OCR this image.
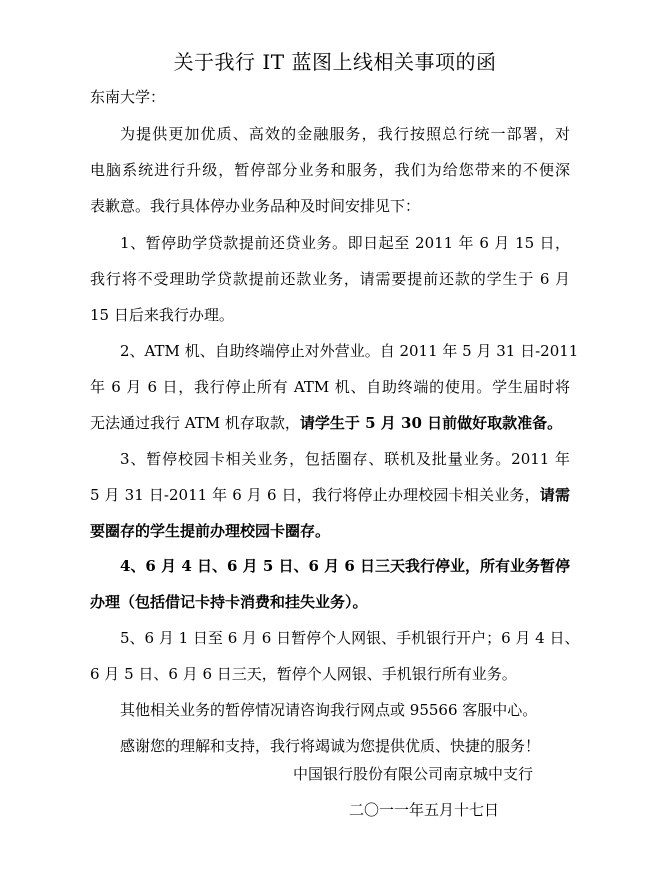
关于我行 IT 蓝图上线相关事项的函
东南大学：
为提供更加优质、高效的金融服务，我行按照总行统一部署，对
电脑系统进行升级，暂停部分业务和服务，我们为给您带来的不便深
表歉意。我行具体停办业务品种及时间安排见下：
1、暂停助学贷款提前还贷业务。即日起至 2011 年 6 月 15 日，
我行将不受理助学贷款提前还款业务，请需要提前还款的学生于 6 月
15 日后来我行办理。
2、ATM 机、自助终端停止对外营业。自 2011 年 5 月 31 日-2011
年 6 月 6 日，我行停止所有 ATM 机、自助终端的使用。学生届时将
无法通过我行 ATM 机存取款，请学生于 5 月 30 日前做好取款准备。
3、暂停校园卡相关业务，包括圈存、联机及批量业务。2011 年
5 月 31 日-2011 年 6 月 6 日，我行将停止办理校园卡相关业务，请需
要圈存的学生提前办理校园卡圈存。
4、6 月 4 日、6 月 5 日、6 月 6 日三天我行停业，所有业务暂停
办理（包括借记卡持卡消费和挂失业务）。
5、6 月 1 日至 6 月 6 日暂停个人网银、手机银行开户；6 月 4 日、
6 月 5 日、6 月 6 日三天，暂停个人网银、手机银行所有业务。
其他相关业务的暂停情况请咨询我行网点或 95566 客服中心。
感谢您的理解和支持，我行将竭诚为您提供优质、快捷的服务！
中国银行股份有限公司南京城中支行
二〇一一年五月十七日
